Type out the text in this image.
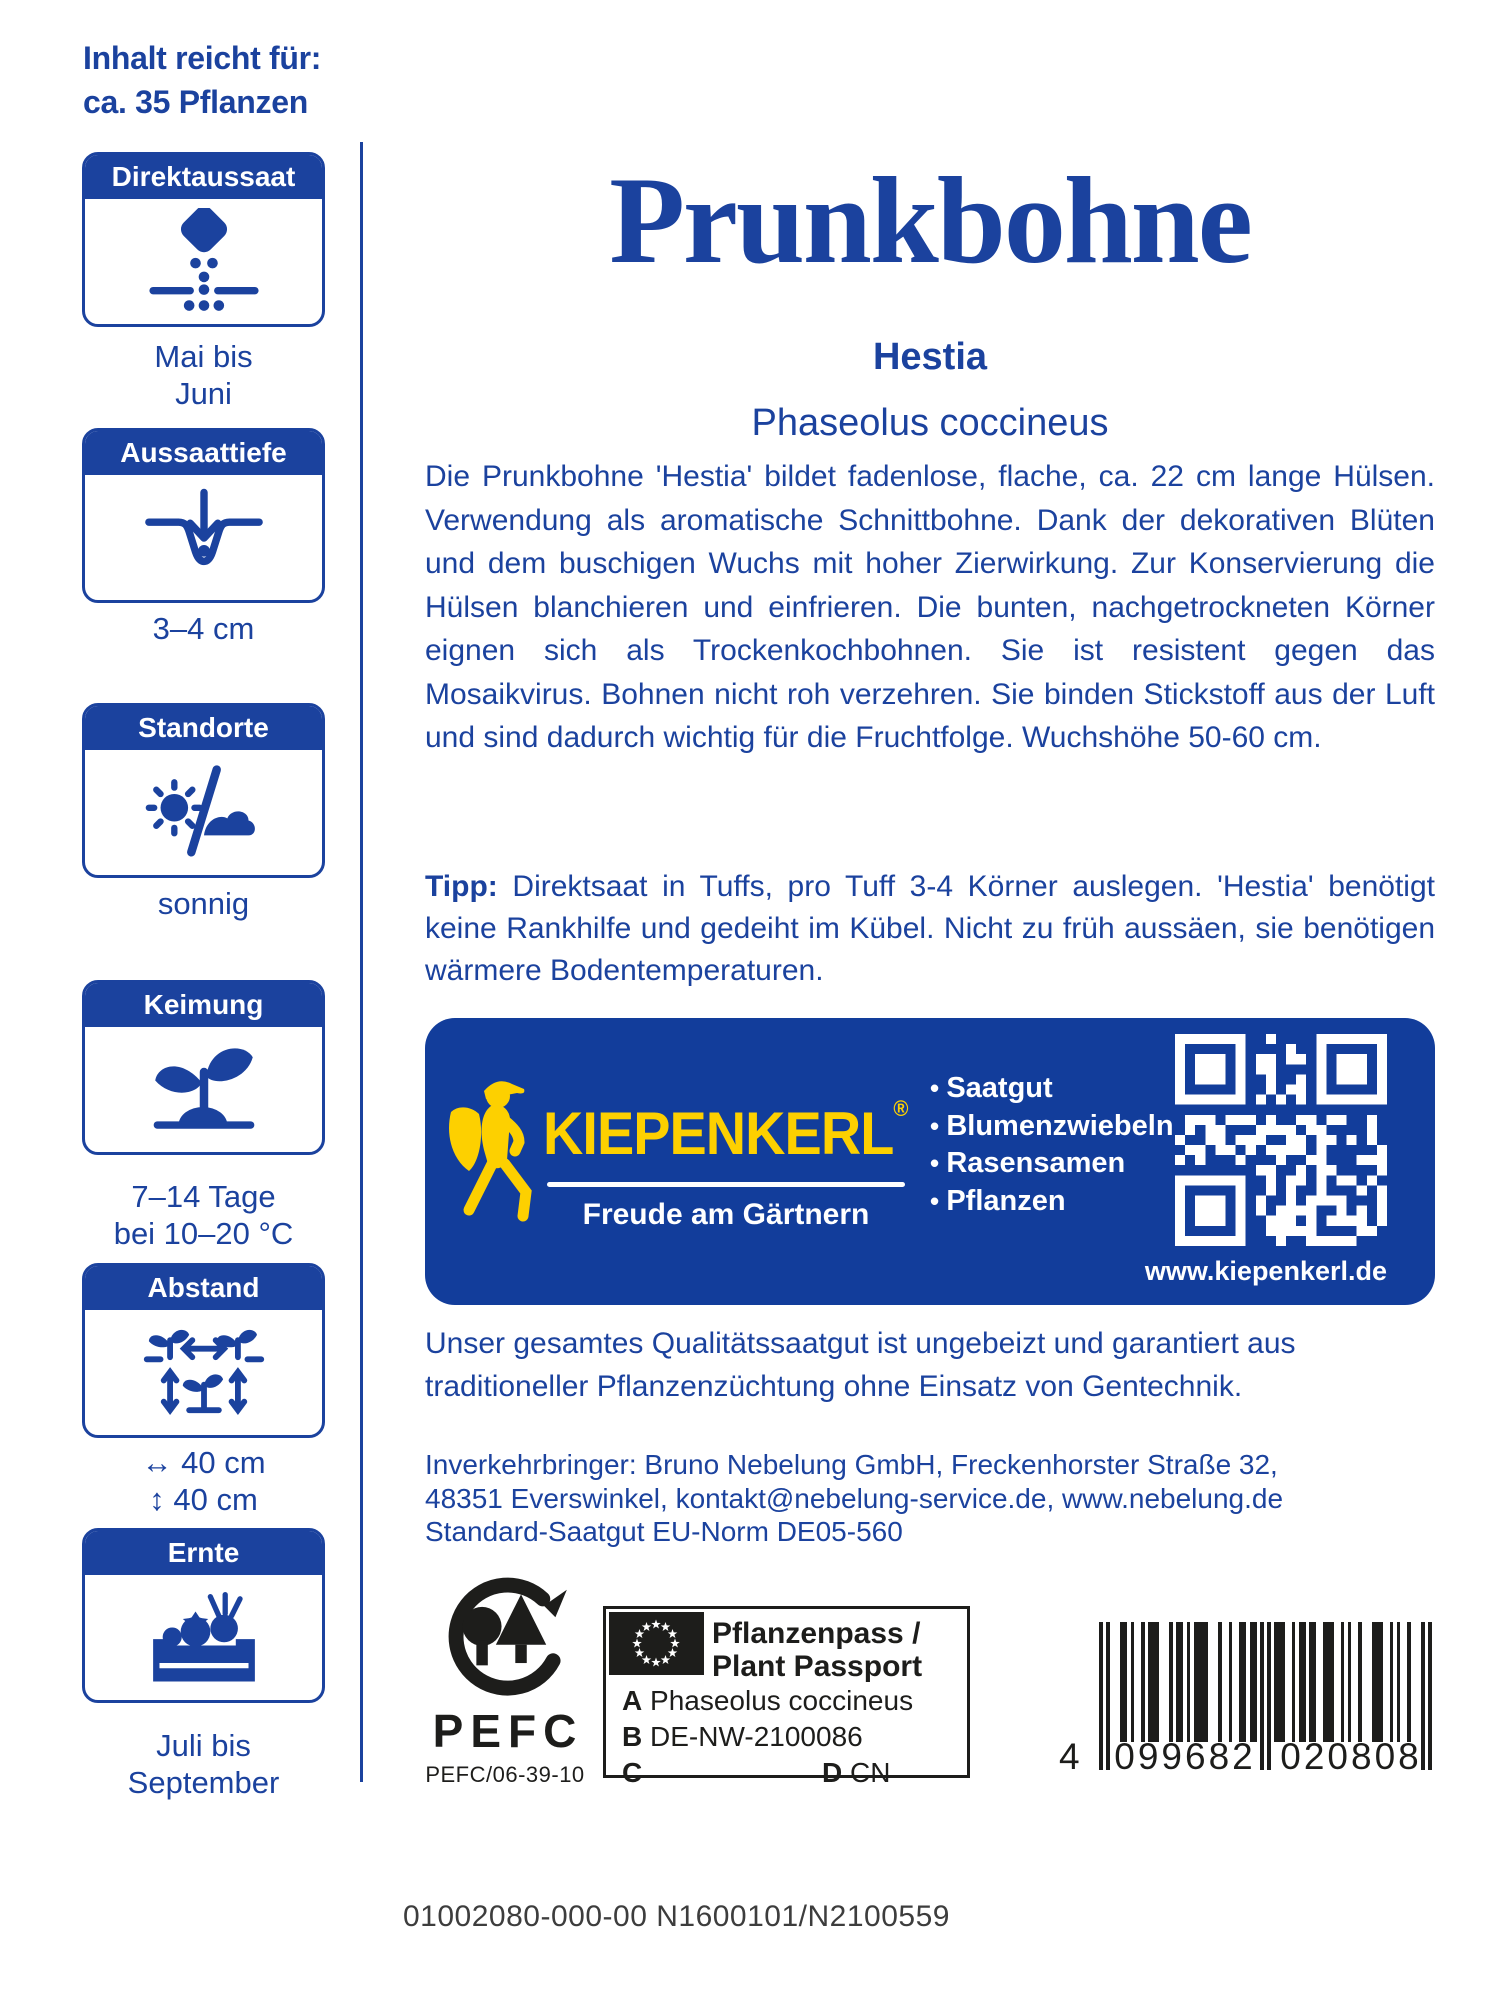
Inhalt reicht für:
ca. 35 Pflanzen
Direktaussaat
Mai bis
Juni
Aussaattiefe
3–4 cm
Standorte
sonnig
Keimung
7–14 Tage
bei 10–20 °C
Abstand
↔ 40 cm
↕ 40 cm
Ernte
Juli bis
September
Prunkbohne
Hestia
Phaseolus coccineus
Die Prunkbohne 'Hestia' bildet fadenlose, flache, ca. 22 cm lange Hülsen. Verwendung als aromatische Schnittbohne. Dank der dekorativen Blüten und dem buschigen Wuchs mit hoher Zierwirkung. Zur Konservierung die Hülsen blanchieren und einfrieren. Die bunten, nachgetrockneten Körner eignen sich als Trockenkochbohnen. Sie ist resistent gegen das Mosaikvirus. Bohnen nicht roh verzehren. Sie binden Stickstoff aus der Luft und sind dadurch wichtig für die Fruchtfolge. Wuchshöhe 50-60 cm.
Tipp: Direktsaat in Tuffs, pro Tuff 3-4 Körner auslegen. 'Hestia' benötigt keine Rankhilfe und gedeiht im Kübel. Nicht zu früh aussäen, sie benötigen wärmere Bodentemperaturen.
KIEPENKERL®
Freude am Gärtnern
• Saatgut
• Blumenzwiebeln
• Rasensamen
• Pflanzen
www.kiepenkerl.de
Unser gesamtes Qualitätssaatgut ist ungebeizt und garantiert aus traditioneller Pflanzenzüchtung ohne Einsatz von Gentechnik.
Inverkehrbringer: Bruno Nebelung GmbH, Freckenhorster Straße 32,
48351 Everswinkel, kontakt@nebelung-service.de, www.nebelung.de
Standard-Saatgut EU-Norm DE05-560
PEFC
PEFC/06-39-10
Pflanzenpass /
Plant Passport
A Phaseolus coccineus
B DE-NW-2100086
C	D CN	4 099682 020808
01002080-000-00 N1600101/N2100559
